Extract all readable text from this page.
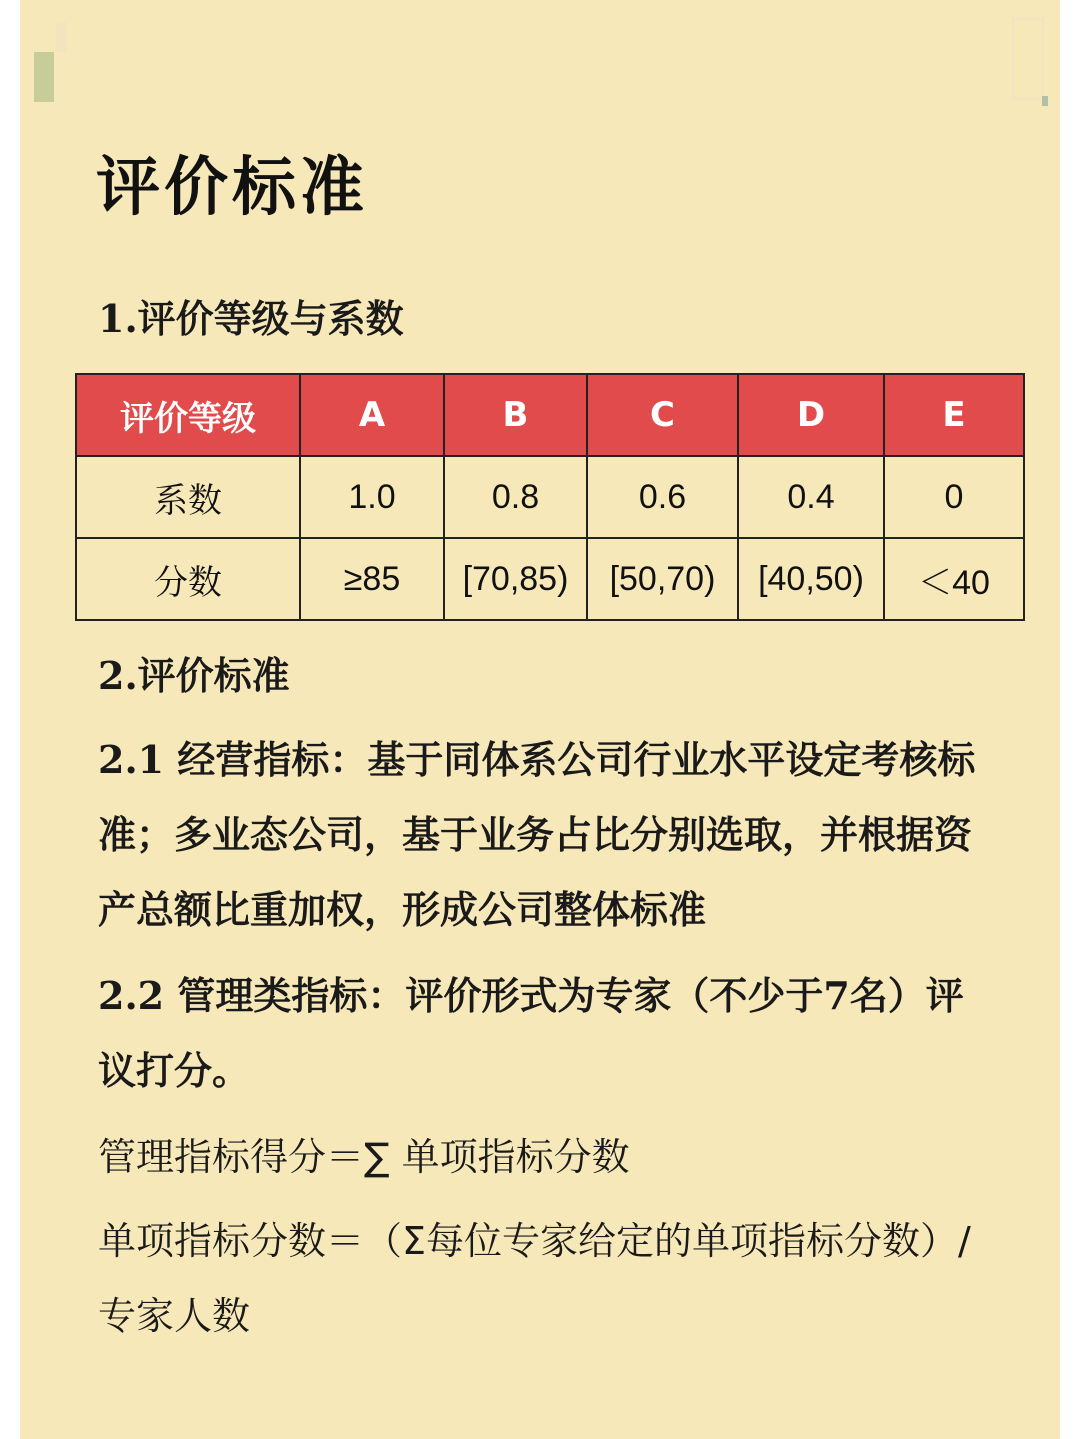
评价标准
1.评价等级与系数
评价等级	A	B	C	D	E
系数	1.0	0.8	0.6	0.4	0
分数	≥85	[70,85)	[50,70)	[40,50)	＜40
2.评价标准

2.1 经营指标：基于同体系公司行业水平设定考核标准；多业态公司，基于业务占比分别选取，并根据资产总额比重加权，形成公司整体标准

2.2 管理类指标：评价形式为专家（不少于7名）评议打分。

管理指标得分＝∑ 单项指标分数

单项指标分数＝（Σ每位专家给定的单项指标分数）/ 专家人数
